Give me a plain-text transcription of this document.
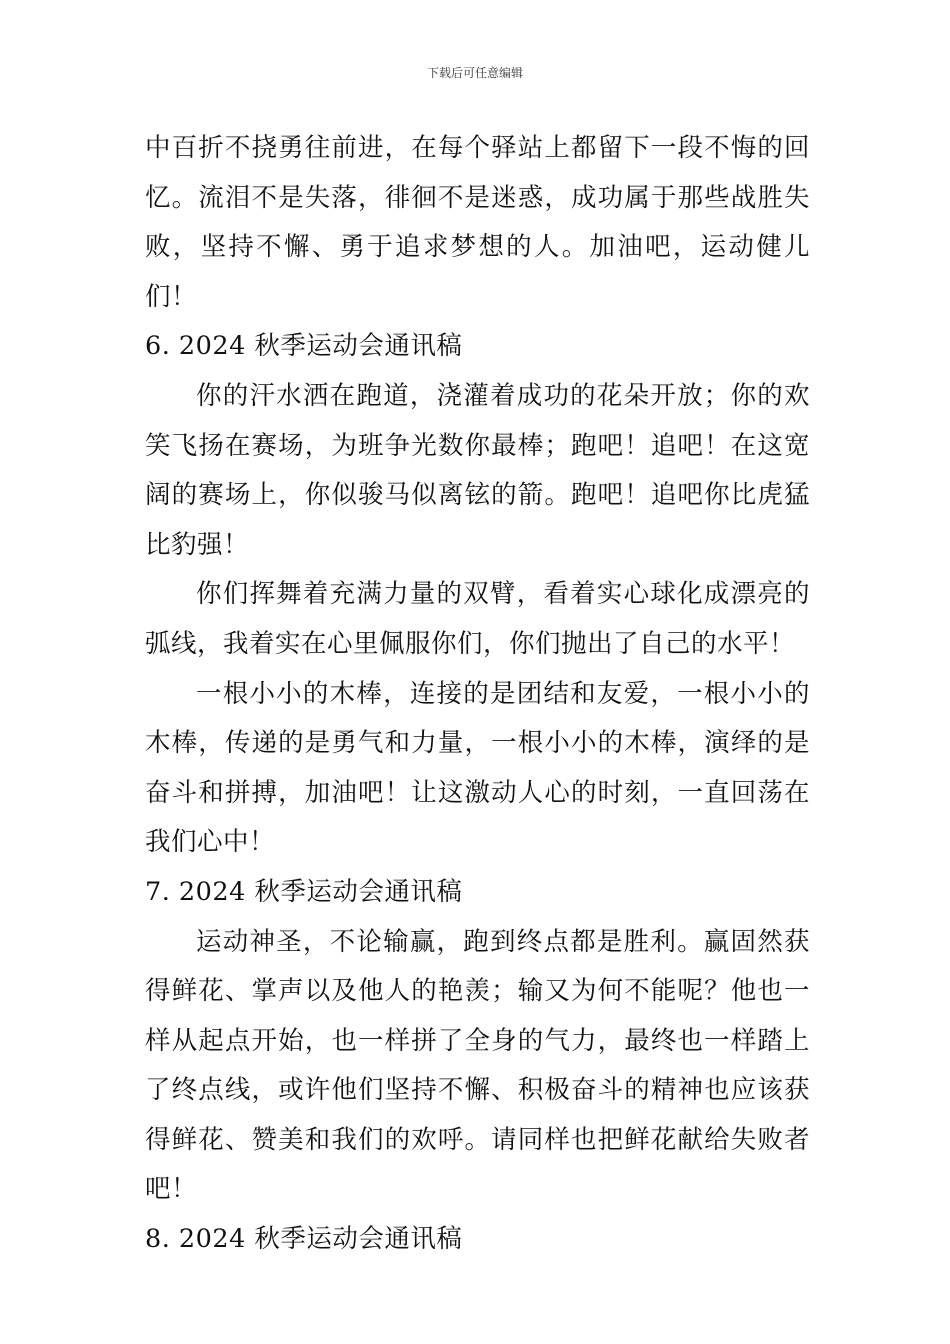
下载后可任意编辑

中百折不挠勇往前进，在每个驿站上都留下一段不悔的回忆。流泪不是失落，徘徊不是迷惑，成功属于那些战胜失败，坚持不懈、勇于追求梦想的人。加油吧，运动健儿们！

6. 2024 秋季运动会通讯稿

你的汗水洒在跑道，浇灌着成功的花朵开放；你的欢笑飞扬在赛场，为班争光数你最棒；跑吧！追吧！在这宽阔的赛场上，你似骏马似离铉的箭。跑吧！追吧你比虎猛比豹强！

你们挥舞着充满力量的双臂，看着实心球化成漂亮的弧线，我着实在心里佩服你们，你们抛出了自己的水平！

一根小小的木棒，连接的是团结和友爱，一根小小的木棒，传递的是勇气和力量，一根小小的木棒，演绎的是奋斗和拼搏，加油吧！让这激动人心的时刻，一直回荡在我们心中！

7. 2024 秋季运动会通讯稿

运动神圣，不论输赢，跑到终点都是胜利。赢固然获得鲜花、掌声以及他人的艳羡；输又为何不能呢？他也一样从起点开始，也一样拼了全身的气力，最终也一样踏上了终点线，或许他们坚持不懈、积极奋斗的精神也应该获得鲜花、赞美和我们的欢呼。请同样也把鲜花献给失败者吧！

8. 2024 秋季运动会通讯稿
